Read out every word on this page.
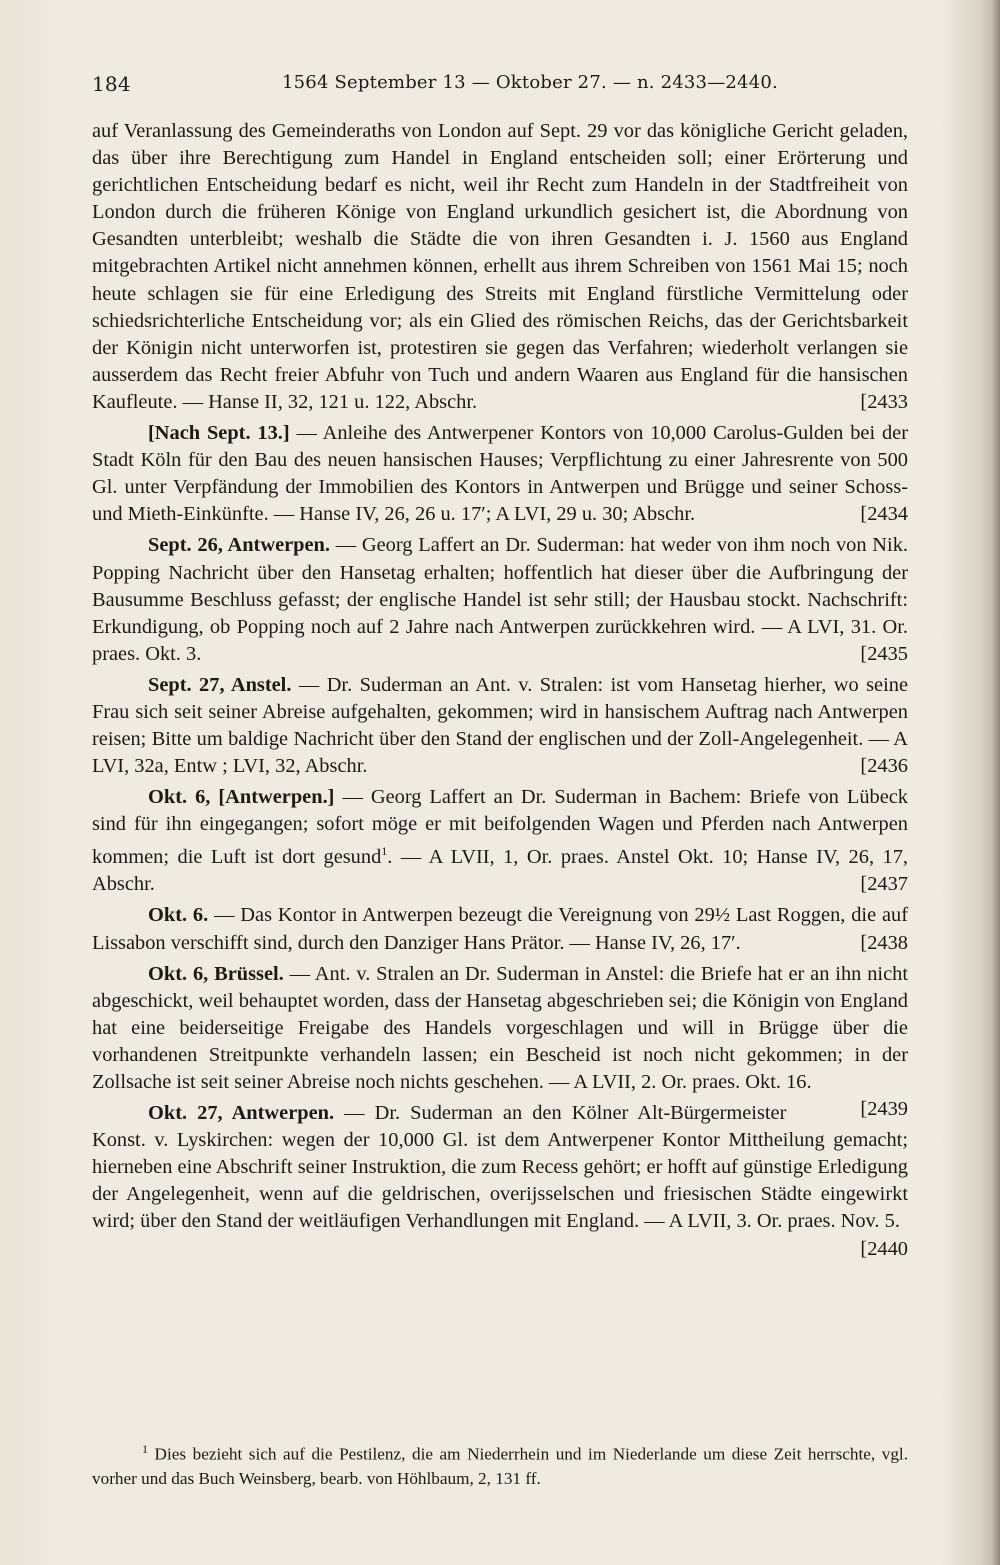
184	1564 September 13 — Oktober 27. — n. 2433—2440.

auf Veranlassung des Gemeinderaths von London auf Sept. 29 vor das königliche Gericht geladen, das über ihre Berechtigung zum Handel in England entscheiden soll; einer Erörterung und gerichtlichen Entscheidung bedarf es nicht, weil ihr Recht zum Handeln in der Stadtfreiheit von London durch die früheren Könige von England urkundlich gesichert ist, die Abordnung von Gesandten unterbleibt; weshalb die Städte die von ihren Gesandten i. J. 1560 aus England mitgebrachten Artikel nicht annehmen können, erhellt aus ihrem Schreiben von 1561 Mai 15; noch heute schlagen sie für eine Erledigung des Streits mit England fürstliche Vermittelung oder schiedsrichterliche Entscheidung vor; als ein Glied des römischen Reichs, das der Gerichtsbarkeit der Königin nicht unterworfen ist, protestiren sie gegen das Verfahren; wiederholt verlangen sie ausserdem das Recht freier Abfuhr von Tuch und andern Waaren aus England für die hansischen Kaufleute. — Hanse II, 32, 121 u. 122, Abschr.	[2433

[Nach Sept. 13.] — Anleihe des Antwerpener Kontors von 10,000 Carolus-Gulden bei der Stadt Köln für den Bau des neuen hansischen Hauses; Verpflichtung zu einer Jahresrente von 500 Gl. unter Verpfändung der Immobilien des Kontors in Antwerpen und Brügge und seiner Schoss- und Mieth-Einkünfte. — Hanse IV, 26, 26 u. 17′; A LVI, 29 u. 30; Abschr.	[2434

Sept. 26, Antwerpen. — Georg Laffert an Dr. Suderman: hat weder von ihm noch von Nik. Popping Nachricht über den Hansetag erhalten; hoffentlich hat dieser über die Aufbringung der Bausumme Beschluss gefasst; der englische Handel ist sehr still; der Hausbau stockt. Nachschrift: Erkundigung, ob Popping noch auf 2 Jahre nach Antwerpen zurückkehren wird. — A LVI, 31. Or. praes. Okt. 3.	[2435

Sept. 27, Anstel. — Dr. Suderman an Ant. v. Stralen: ist vom Hansetag hierher, wo seine Frau sich seit seiner Abreise aufgehalten, gekommen; wird in hansischem Auftrag nach Antwerpen reisen; Bitte um baldige Nachricht über den Stand der englischen und der Zoll-Angelegenheit. — A LVI, 32a, Entw ; LVI, 32, Abschr.	[2436

Okt. 6, [Antwerpen.] — Georg Laffert an Dr. Suderman in Bachem: Briefe von Lübeck sind für ihn eingegangen; sofort möge er mit beifolgenden Wagen und Pferden nach Antwerpen kommen; die Luft ist dort gesund$^1$. — A LVII, 1, Or. praes. Anstel Okt. 10; Hanse IV, 26, 17, Abschr.	[2437

Okt. 6. — Das Kontor in Antwerpen bezeugt die Vereignung von 29½ Last Roggen, die auf Lissabon verschifft sind, durch den Danziger Hans Prätor. — Hanse IV, 26, 17′.	[2438

Okt. 6, Brüssel. — Ant. v. Stralen an Dr. Suderman in Anstel: die Briefe hat er an ihn nicht abgeschickt, weil behauptet worden, dass der Hansetag abgeschrieben sei; die Königin von England hat eine beiderseitige Freigabe des Handels vorgeschlagen und will in Brügge über die vorhandenen Streitpunkte verhandeln lassen; ein Bescheid ist noch nicht gekommen; in der Zollsache ist seit seiner Abreise noch nichts geschehen. — A LVII, 2. Or. praes. Okt. 16.
[2439

Okt. 27, Antwerpen. — Dr. Suderman an den Kölner Alt-Bürgermeister Konst. v. Lyskirchen: wegen der 10,000 Gl. ist dem Antwerpener Kontor Mittheilung gemacht; hierneben eine Abschrift seiner Instruktion, die zum Recess gehört; er hofft auf günstige Erledigung der Angelegenheit, wenn auf die geldrischen, overijsselschen und friesischen Städte eingewirkt wird; über den Stand der weitläufigen Verhandlungen mit England. — A LVII, 3. Or. praes. Nov. 5.
[2440

$^1$ Dies bezieht sich auf die Pestilenz, die am Niederrhein und im Niederlande um diese Zeit herrschte, vgl. vorher und das Buch Weinsberg, bearb. von Höhlbaum, 2, 131 ff.
